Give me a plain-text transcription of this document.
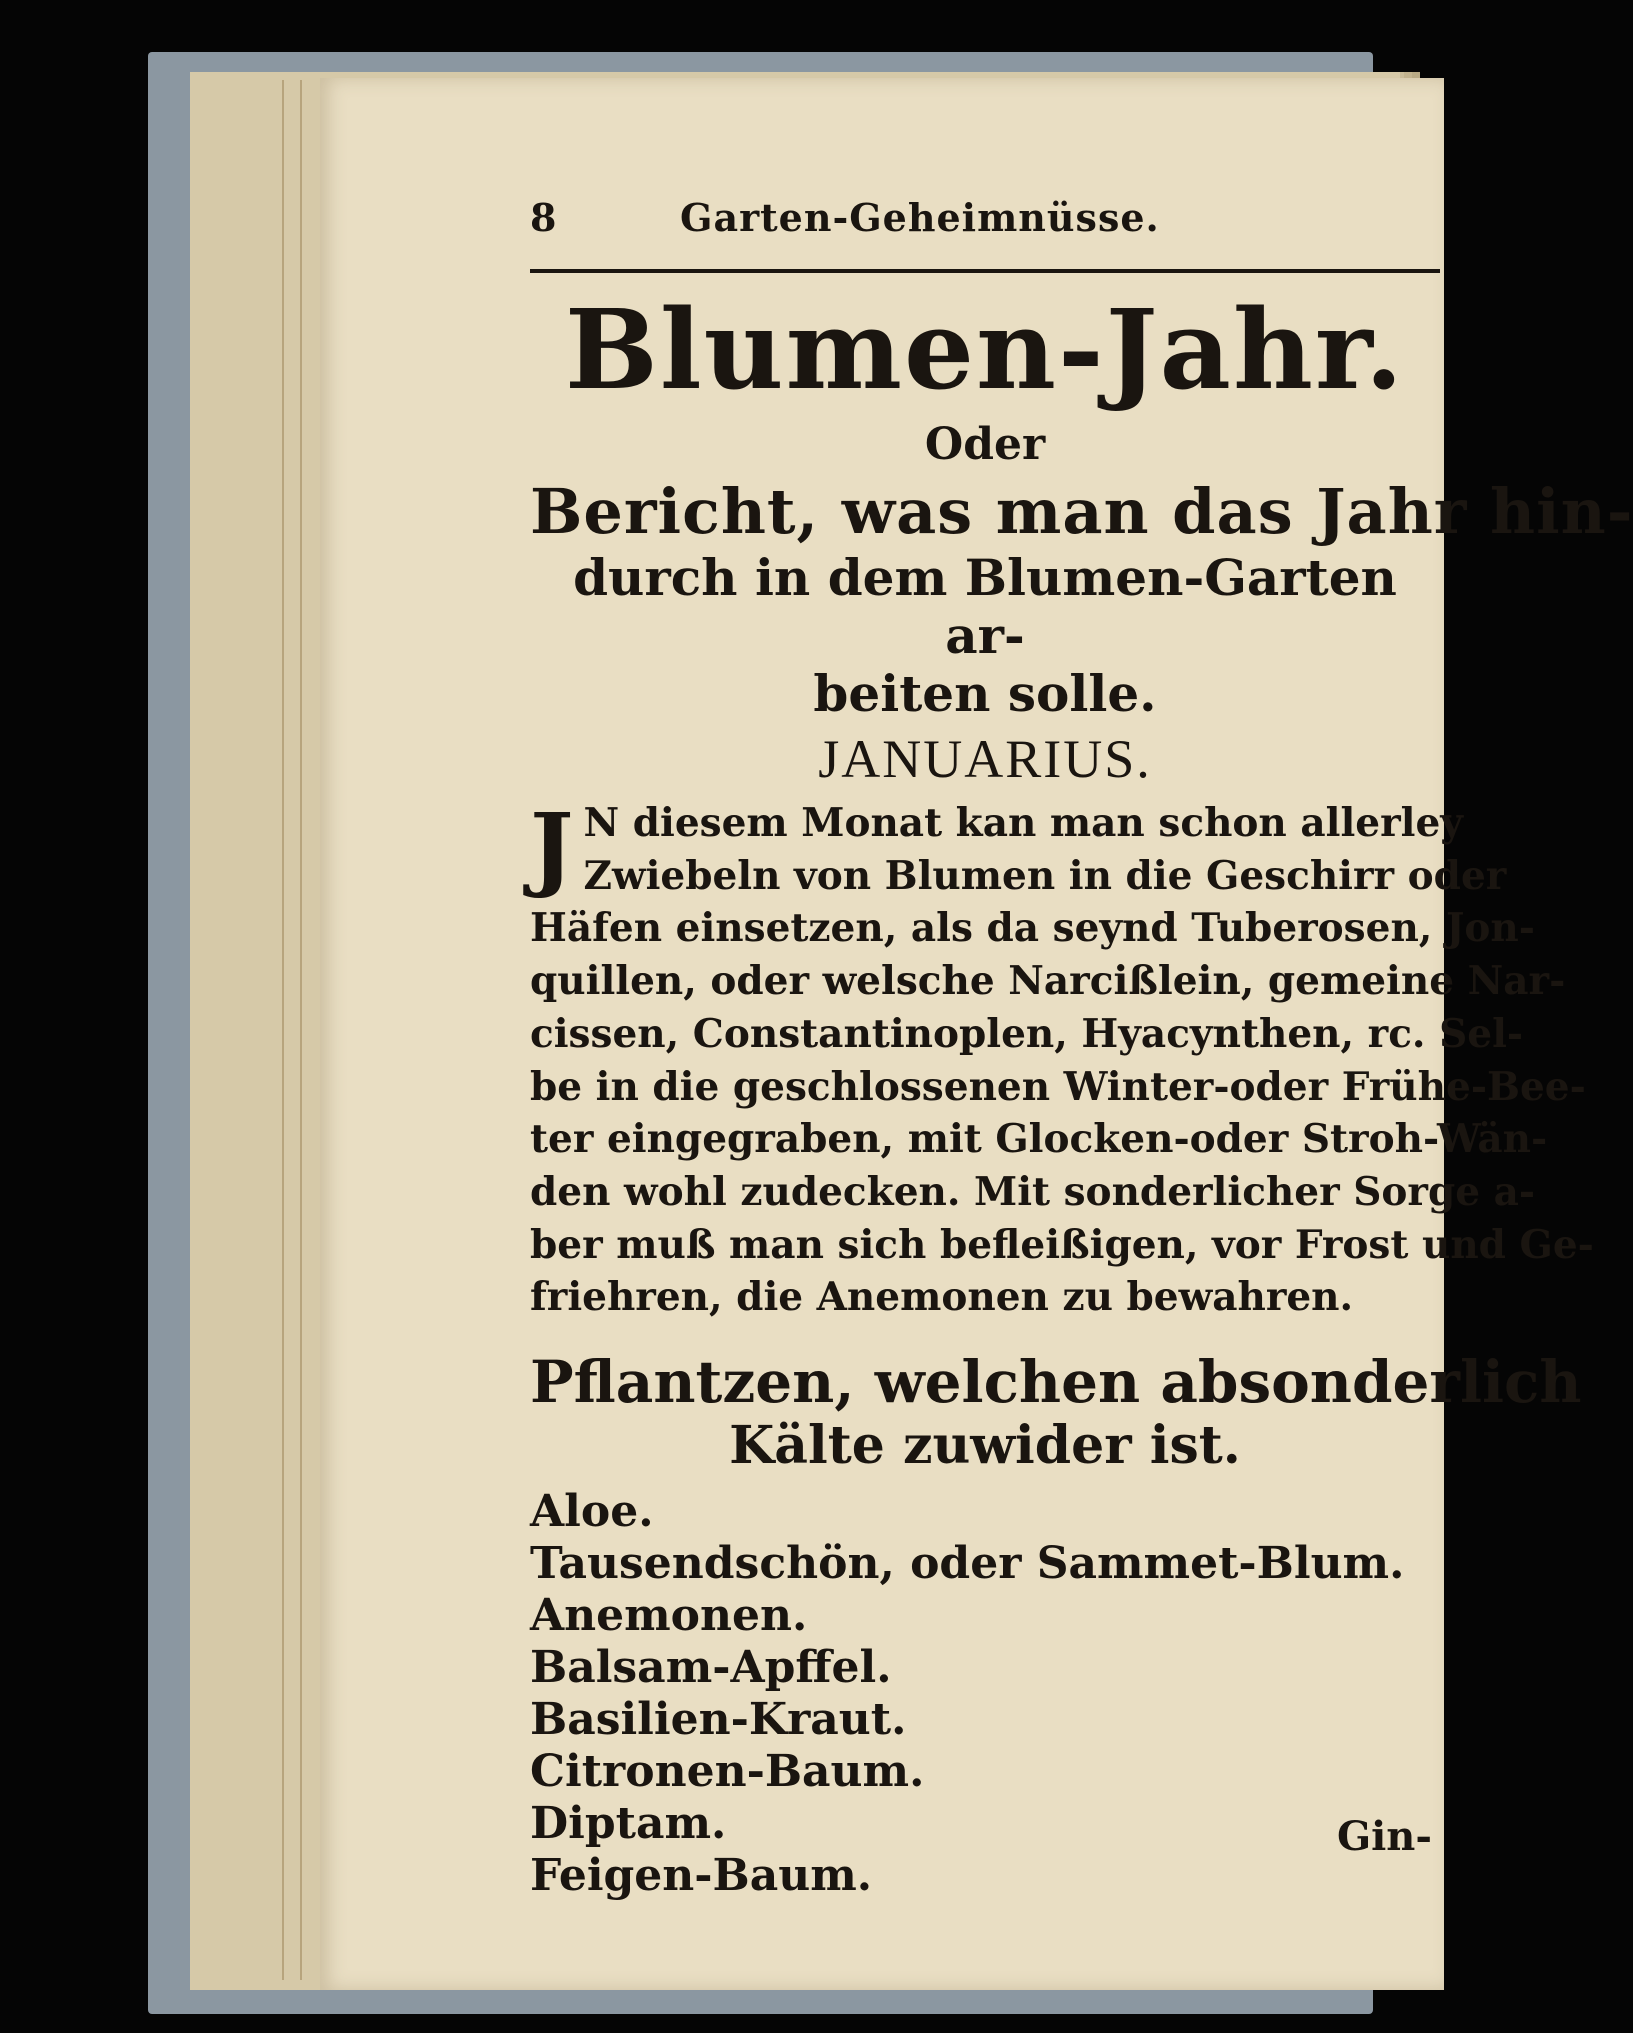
8	Garten-Geheimnüsse.
Blumen-Jahr.
Oder
Bericht, was man das Jahr hin-
durch in dem Blumen-Garten ar-
beiten solle.
JANUARIUS.
J N diesem Monat kan man schon allerley
Zwiebeln von Blumen in die Geschirr oder
Häfen einsetzen, als da seynd Tuberosen, Jon-
quillen, oder welsche Narcißlein, gemeine Nar-
cissen, Constantinoplen, Hyacynthen, rc. Sel-
be in die geschlossenen Winter-oder Frühe-Bee-
ter eingegraben, mit Glocken-oder Stroh-Wän-
den wohl zudecken. Mit sonderlicher Sorge a-
ber muß man sich befleißigen, vor Frost und Ge-
friehren, die Anemonen zu bewahren.
Pflantzen, welchen absonderlich
Kälte zuwider ist.
Aloe.
Tausendschön, oder Sammet-Blum.
Anemonen.
Balsam-Apffel.
Basilien-Kraut.
Citronen-Baum.
Diptam.
Feigen-Baum.
Gin-
